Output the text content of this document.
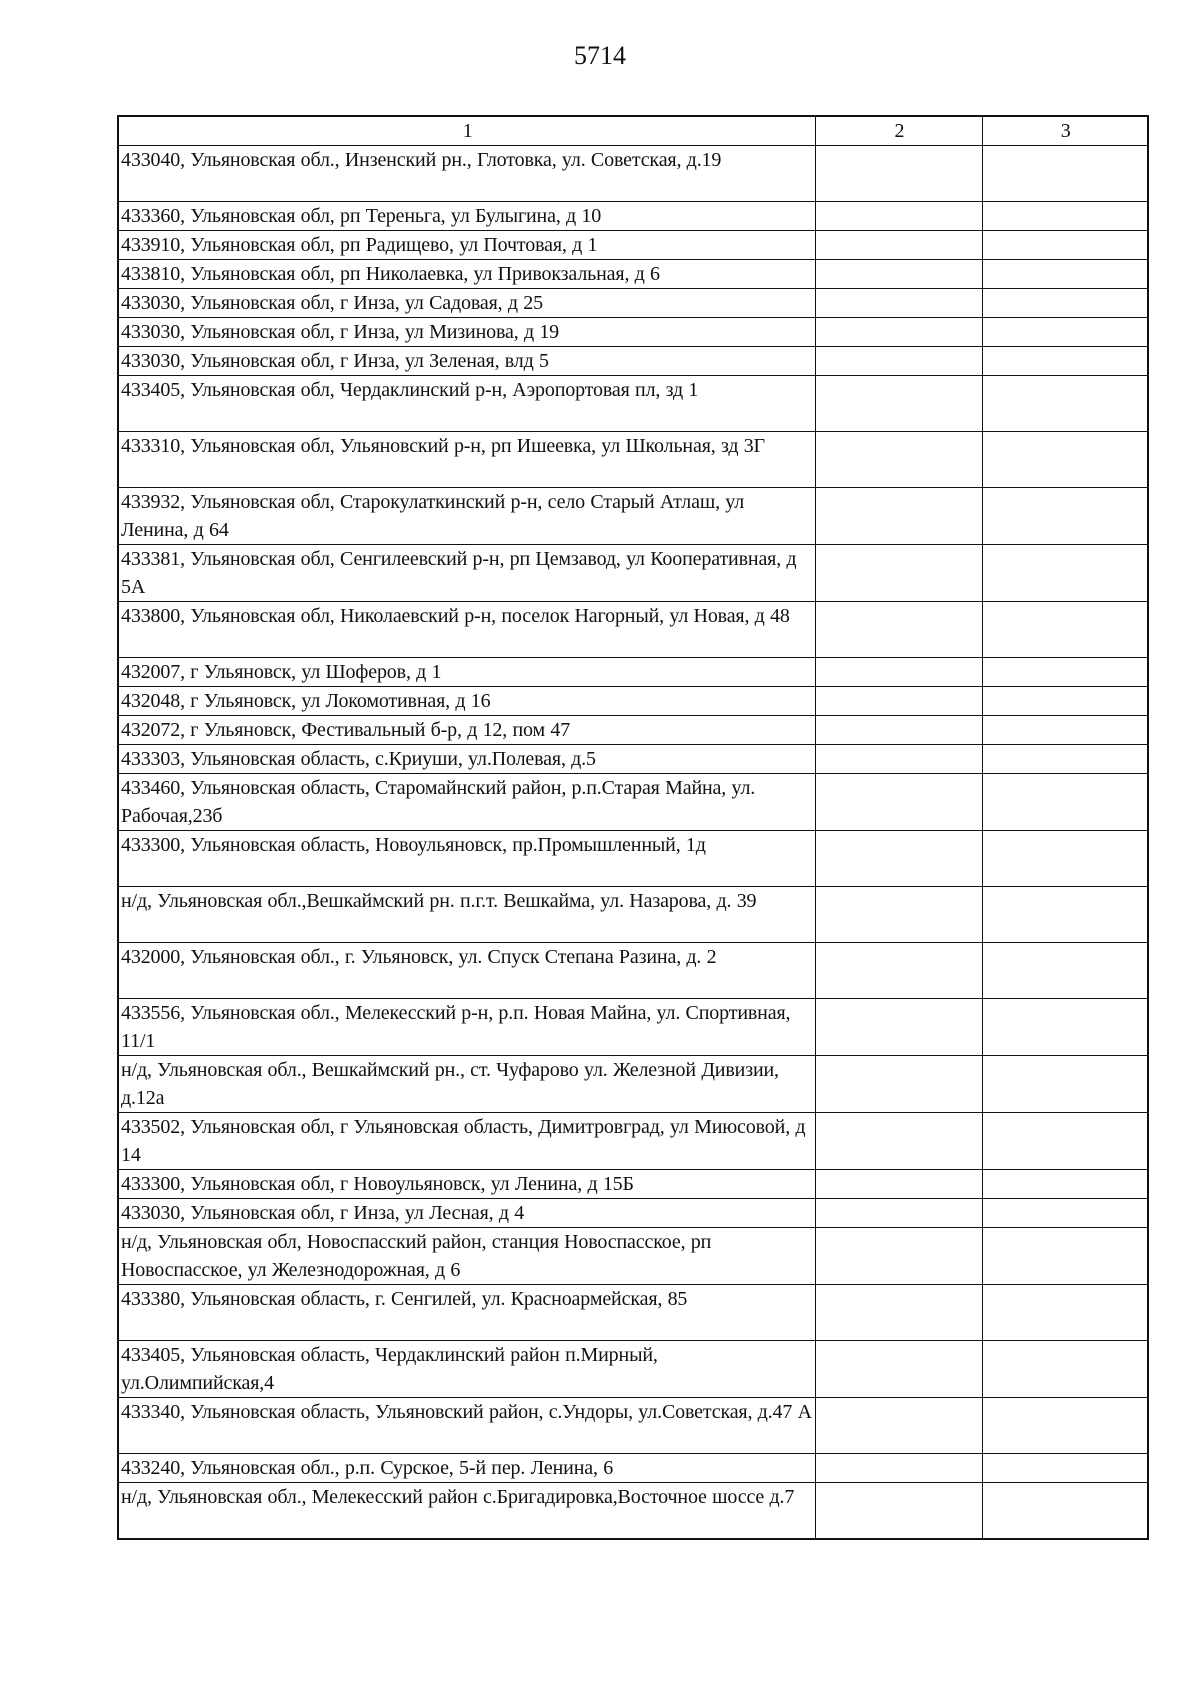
5714
1	2	3
433040, Ульяновская обл., Инзенский рн., Глотовка, ул. Советская, д.19		
433360, Ульяновская обл, рп Тереньга, ул Булыгина, д 10		
433910, Ульяновская обл, рп Радищево, ул Почтовая, д 1		
433810, Ульяновская обл, рп Николаевка, ул Привокзальная, д 6		
433030, Ульяновская обл, г Инза, ул Садовая, д 25		
433030, Ульяновская обл, г Инза, ул Мизинова, д 19		
433030, Ульяновская обл, г Инза, ул Зеленая, влд 5		
433405, Ульяновская обл, Чердаклинский р-н, Аэропортовая пл, зд 1		
433310, Ульяновская обл, Ульяновский р-н, рп Ишеевка, ул Школьная, зд 3Г		
433932, Ульяновская обл, Старокулаткинский р-н, село Старый Атлаш, ул Ленина, д 64		
433381, Ульяновская обл, Сенгилеевский р-н, рп Цемзавод, ул Кооперативная, д 5А		
433800, Ульяновская обл, Николаевский р-н, поселок Нагорный, ул Новая, д 48		
432007, г Ульяновск, ул Шоферов, д 1		
432048, г Ульяновск, ул Локомотивная, д 16		
432072, г Ульяновск, Фестивальный б-р, д 12, пом 47		
433303, Ульяновская область, с.Криуши, ул.Полевая, д.5		
433460, Ульяновская область, Старомайнский район, р.п.Старая Майна, ул. Рабочая,23б		
433300, Ульяновская область, Новоульяновск, пр.Промышленный, 1д		
н/д, Ульяновская обл.,Вешкаймский рн. п.г.т. Вешкайма, ул. Назарова, д. 39		
432000, Ульяновская обл., г. Ульяновск, ул. Спуск Степана Разина, д. 2		
433556, Ульяновская обл., Мелекесский р-н, р.п. Новая Майна, ул. Спортивная, 11/1		
н/д, Ульяновская обл., Вешкаймский рн., ст. Чуфарово ул. Железной Дивизии, д.12а		
433502, Ульяновская обл, г Ульяновская область, Димитровград, ул Миюсовой, д 14		
433300, Ульяновская обл, г Новоульяновск, ул Ленина, д 15Б		
433030, Ульяновская обл, г Инза, ул Лесная, д 4		
н/д, Ульяновская обл, Новоспасский район, станция Новоспасское, рп Новоспасское, ул Железнодорожная, д 6		
433380, Ульяновская область, г. Сенгилей, ул. Красноармейская, 85		
433405, Ульяновская область, Чердаклинский район п.Мирный, ул.Олимпийская,4		
433340, Ульяновская область, Ульяновский район, с.Ундоры, ул.Советская, д.47 А		
433240, Ульяновская обл., р.п. Сурское, 5-й пер. Ленина, 6		
н/д, Ульяновская обл., Мелекесский район с.Бригадировка,Восточное шоссе д.7		
